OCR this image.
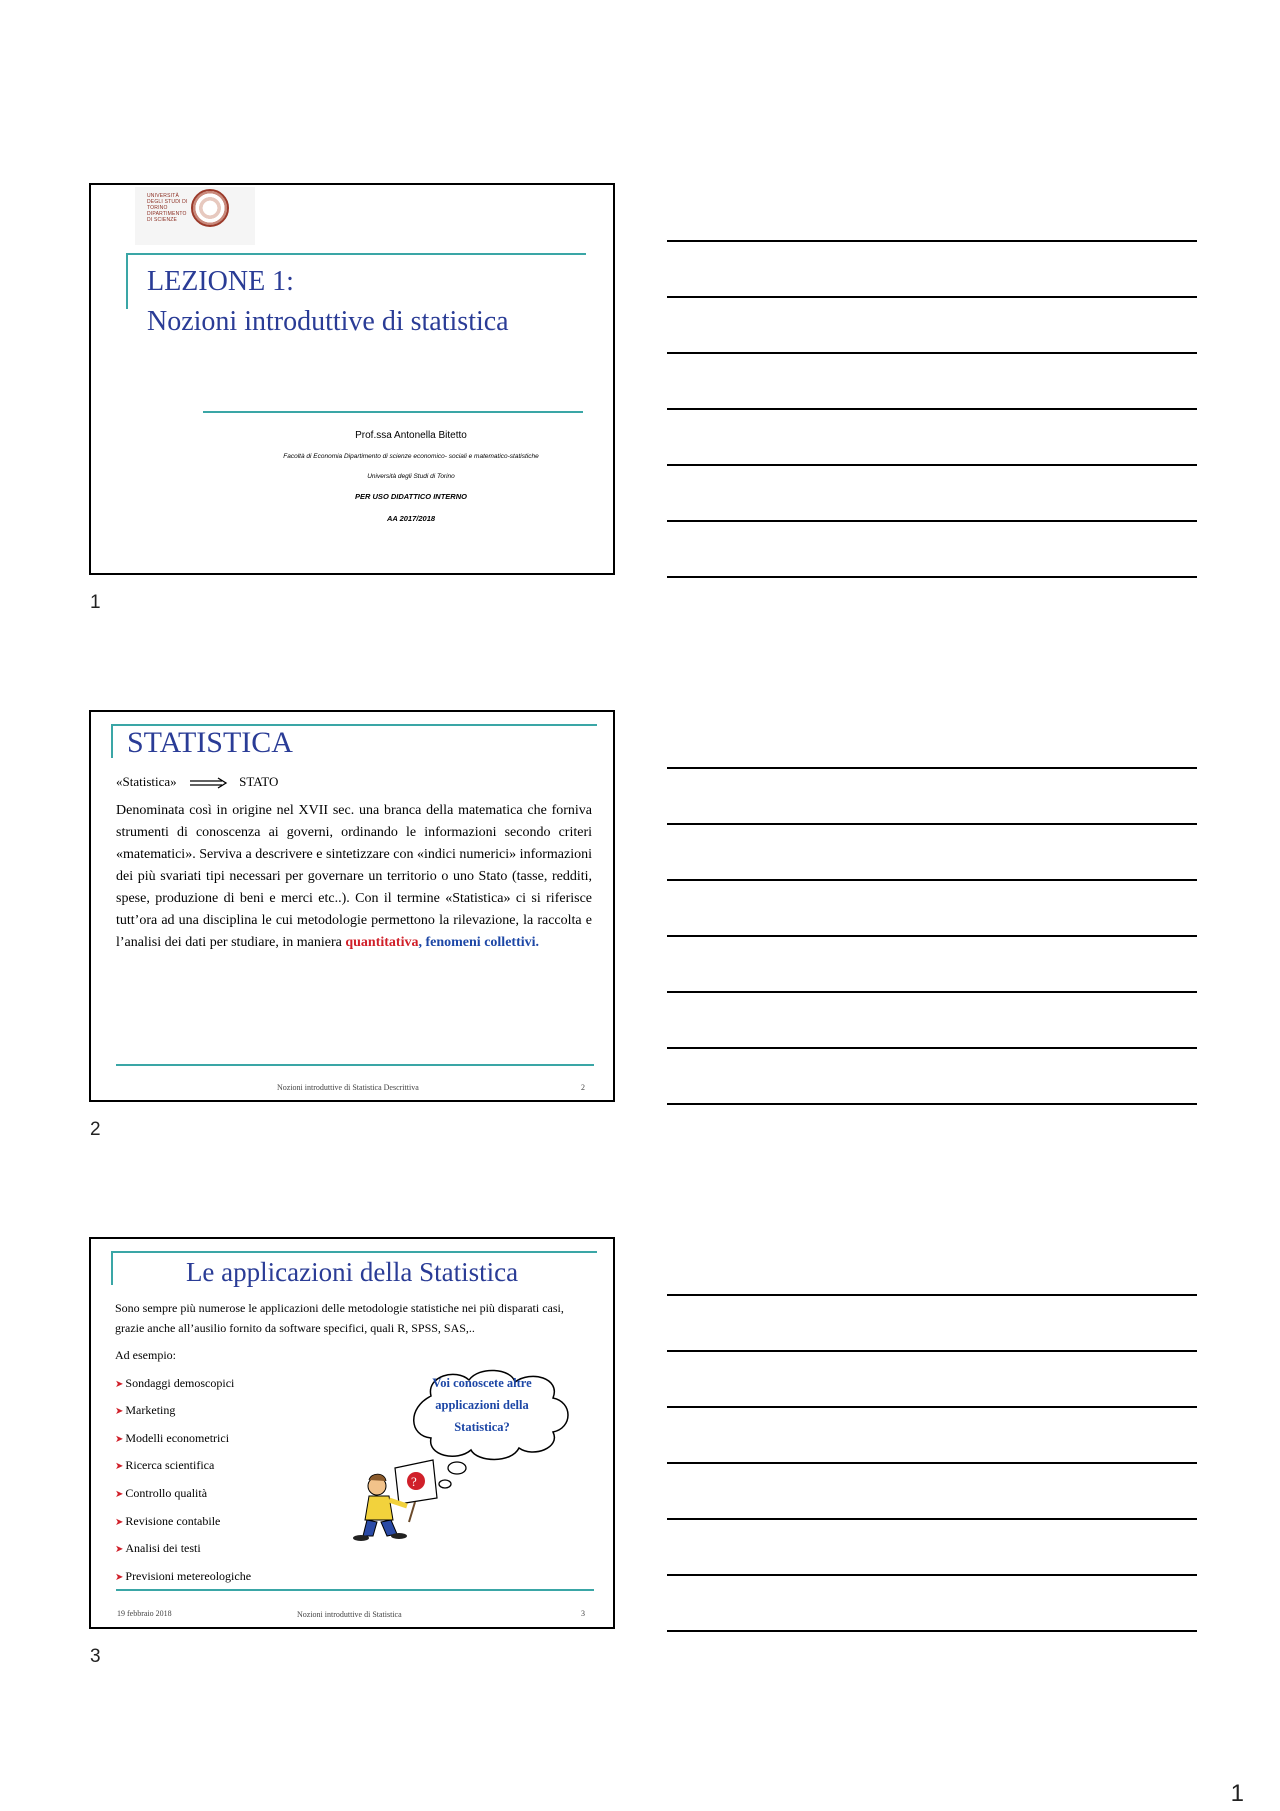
UNIVERSITÀ DEGLI STUDI DI TORINO
DIPARTIMENTO DI SCIENZE
LEZIONE 1:
Nozioni introduttive di statistica
Prof.ssa Antonella Bitetto
Facoltà di Economia Dipartimento di scienze economico- sociali e matematico-statistiche
Università degli Studi di Torino
PER USO DIDATTICO INTERNO
AA 2017/2018
1
STATISTICA
«Statistica»	STATO
Denominata così in origine nel XVII sec. una branca della matematica che forniva strumenti di conoscenza ai governi, ordinando le informazioni secondo criteri «matematici». Serviva a descrivere e sintetizzare con «indici numerici» informazioni dei più svariati tipi necessari per governare un territorio o uno Stato (tasse, redditi, spese, produzione di beni e merci etc..). Con il termine «Statistica» ci si riferisce tutt’ora ad una disciplina le cui metodologie permettono la rilevazione, la raccolta e l’analisi dei dati per studiare, in maniera quantitativa, fenomeni collettivi.
Nozioni introduttive di Statistica Descrittiva	2
2
Le applicazioni della Statistica
Sono sempre più numerose le applicazioni delle metodologie statistiche nei più disparati casi, grazie anche all’ausilio fornito da software specifici, quali R, SPSS, SAS,..
Ad esempio:
➤ Sondaggi demoscopici
➤ Marketing
➤ Modelli econometrici
➤ Ricerca scientifica
➤ Controllo qualità
➤ Revisione contabile
➤ Analisi dei testi
➤ Previsioni metereologiche
Voi conoscete altre
applicazioni della
Statistica?
?
19 febbraio 2018	Nozioni introduttive di Statistica	3
3
1
